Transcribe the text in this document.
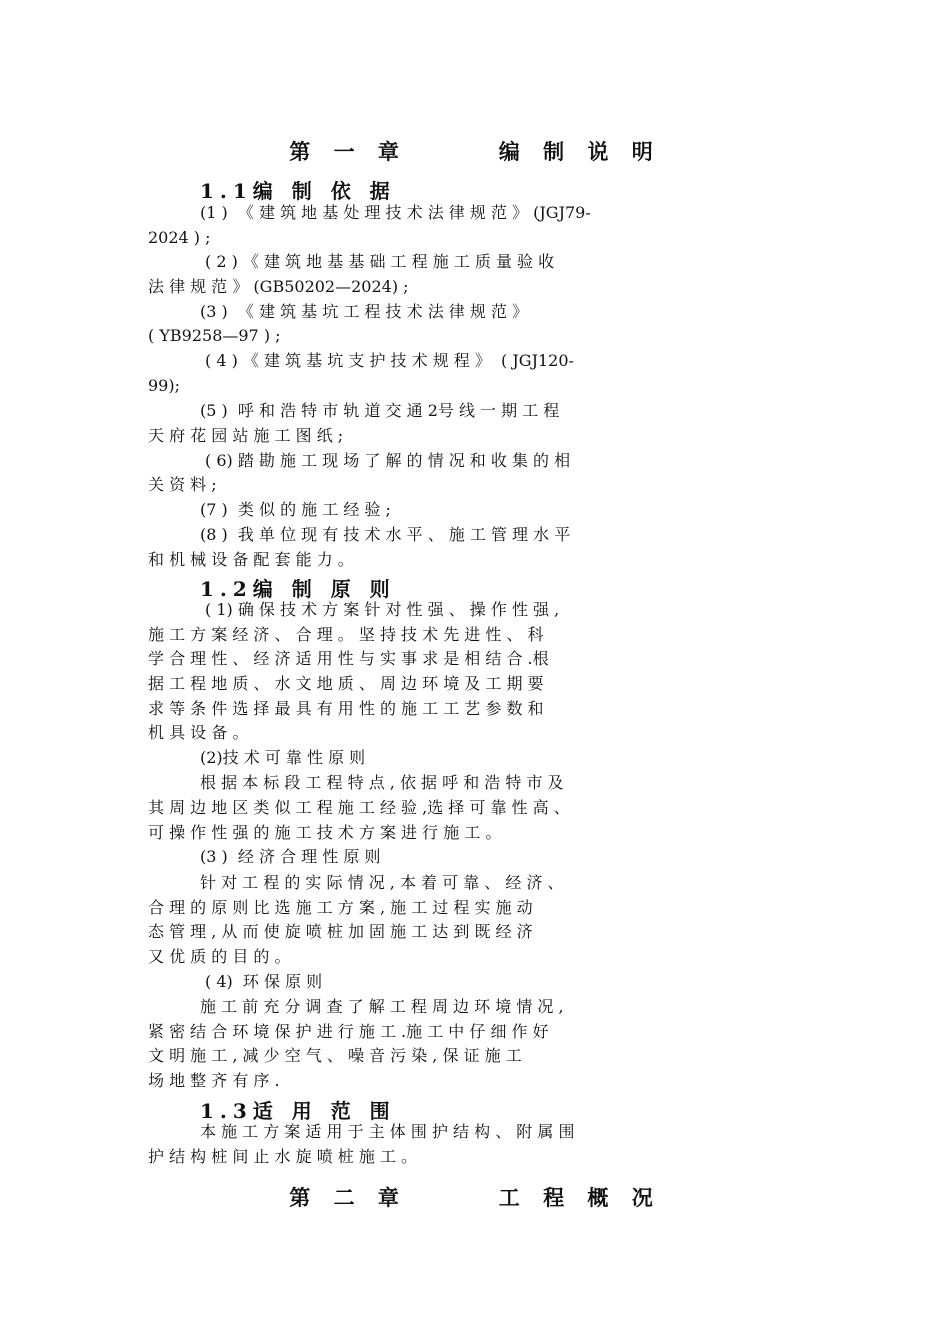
第 一 章      编 制 说 明
1.1编 制 依 据
(1 )  《 建 筑 地 基 处 理 技 术 法 律 规 范 》 (JGJ79-
2024 ) ;
( 2 ) 《 建 筑 地 基 基 础 工 程 施 工 质 量 验 收
法 律 规 范 》 (GB50202—2024) ;
(3 )  《 建 筑 基 坑 工 程 技 术 法 律 规 范 》
( YB9258—97 ) ;
( 4 ) 《 建 筑 基 坑 支 护 技 术 规 程 》  ( JGJ120-
99);
(5 )  呼 和 浩 特 市 轨 道 交 通 2号 线 一 期 工 程
天 府 花 园 站 施 工 图 纸 ;
( 6) 踏 勘 施 工 现 场 了 解 的 情 况 和 收 集 的 相
关 资 料 ;
(7 )  类 似 的 施 工 经 验 ;
(8 )  我 单 位 现 有 技 术 水 平 、 施 工 管 理 水 平
和 机 械 设 备 配 套 能 力 。
1.2编 制 原 则
( 1) 确 保 技 术 方 案 针 对 性 强 、 操 作 性 强 ,
施 工 方 案 经 济 、 合 理 。 坚 持 技 术 先 进 性 、 科
学 合 理 性 、 经 济 适 用 性 与 实 事 求 是 相 结 合 .根
据 工 程 地 质 、 水 文 地 质 、 周 边 环 境 及 工 期 要
求 等 条 件 选 择 最 具 有 用 性 的 施 工 工 艺 参 数 和
机 具 设 备 。
(2)技 术 可 靠 性 原 则
根 据 本 标 段 工 程 特 点 , 依 据 呼 和 浩 特 市 及
其 周 边 地 区 类 似 工 程 施 工 经 验 ,选 择 可 靠 性 高 、
可 操 作 性 强 的 施 工 技 术 方 案 进 行 施 工 。
(3 )  经 济 合 理 性 原 则
针 对 工 程 的 实 际 情 况 , 本 着 可 靠 、 经 济 、
合 理 的 原 则 比 选 施 工 方 案 , 施 工 过 程 实 施 动
态 管 理 , 从 而 使 旋 喷 桩 加 固 施 工 达 到 既 经 济
又 优 质 的 目 的 。
( 4)  环 保 原 则
施 工 前 充 分 调 查 了 解 工 程 周 边 环 境 情 况 ,
紧 密 结 合 环 境 保 护 进 行 施 工 .施 工 中 仔 细 作 好
文 明 施 工 , 减 少 空 气 、 噪 音 污 染 , 保 证 施 工
场 地 整 齐 有 序 .
1.3适 用 范 围
本 施 工 方 案 适 用 于 主 体 围 护 结 构 、 附 属 围
护 结 构 桩 间 止 水 旋 喷 桩 施 工 。
第 二 章      工 程 概 况
